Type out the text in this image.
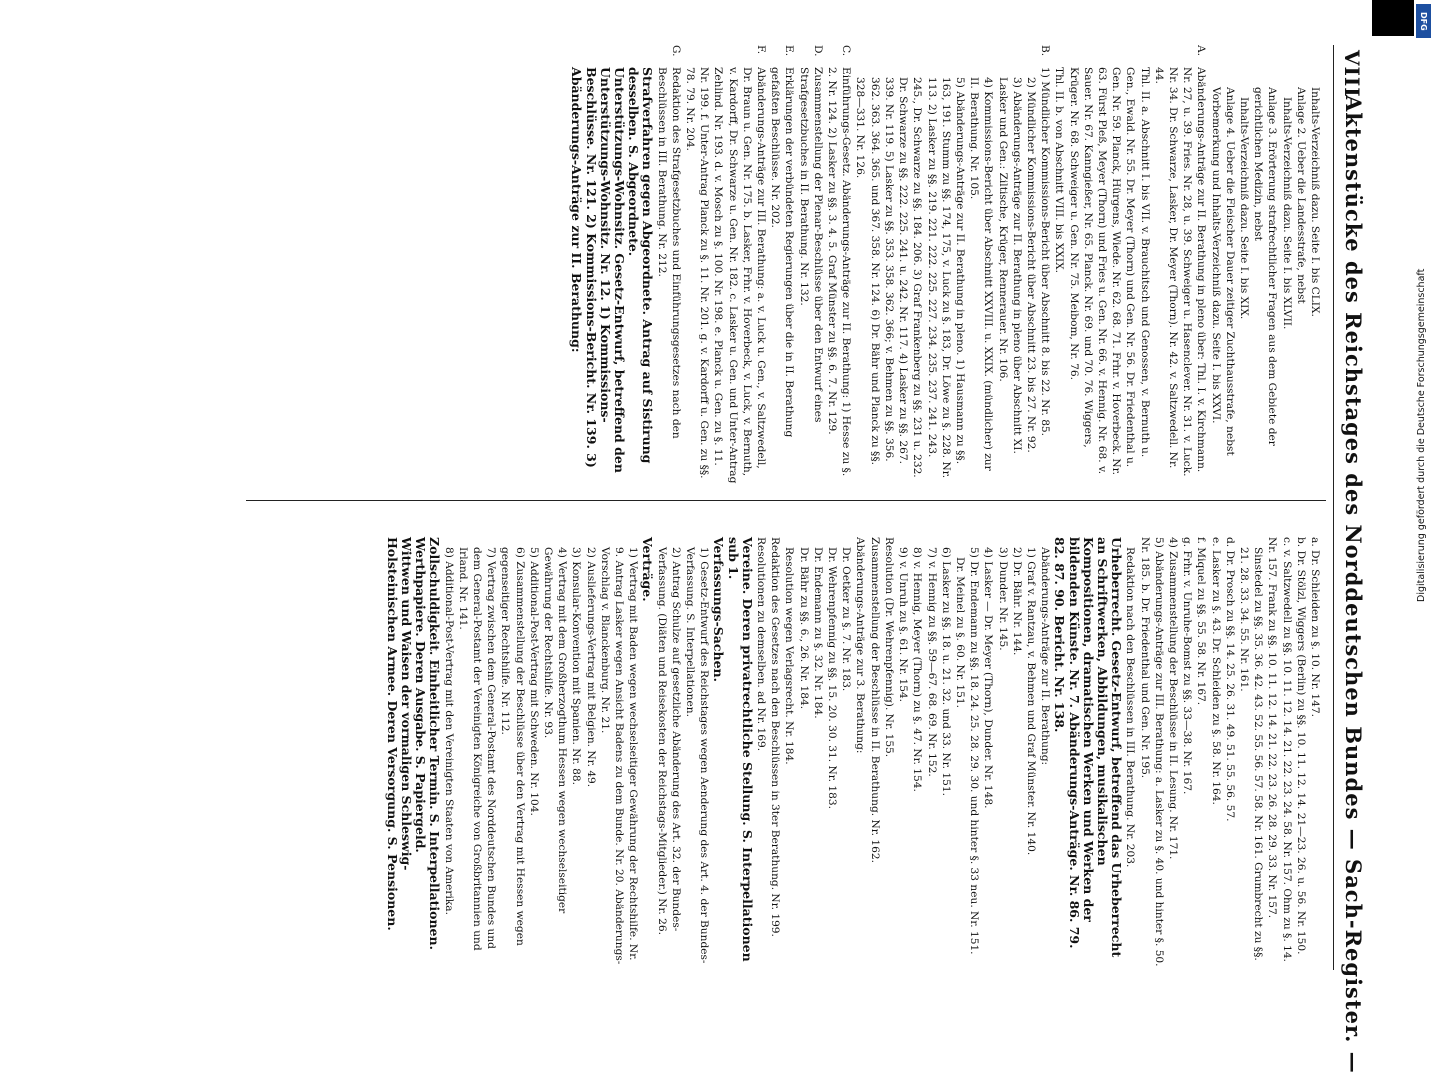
VIII
Aktenstücke des Reichstages des Norddeutschen Bundes — Sach-Register. —
Inhalts-Verzeichniß dazu. Seite I. bis CLIX.
Anlage 2. Ueber die Landesstrafe, nebst
Inhalts-Verzeichniß dazu. Seite I. bis XLVII.
Anlage 3. Erörterung strafrechtlicher Fragen aus dem Gebiete der gerichtlichen Medizin, nebst
Inhalts-Verzeichniß dazu. Seite I. bis XIX.
Anlage 4. Ueber die Fleischer Dauer zeitiger Zuchthausstrafe, nebst Vorbemerkung und Inhalts-Verzeichniß dazu. Seite I. bis XXVI.
A.
Abänderungs-Anträge zur II. Berathung in pleno über: Thl. I. v. Kirchmann. Nr. 27, u. 39. Fries. Nr. 28, u. 39. Schweiger u. Hasenclever. Nr. 31. v. Luck. Nr. 34. Dr. Schwarze, Lasker, Dr. Meyer (Thorn). Nr. 42. v. Saltzwedell. Nr. 44.
Thl. II. a. Abschnitt I. bis VII. v. Brauchitsch und Genossen, v. Bernuth u. Gen., Ewald. Nr. 55. Dr. Meyer (Thorn) und Gen. Nr. 56. Dr. Friedenthal u. Gen. Nr. 59. Planck, Hürgens, Wiede. Nr. 62. 68. 71. Frhr. v. Hoverbeck. Nr. 63. Fürst Pleß, Meyer (Thorn) und Fries u. Gen. Nr. 66. v. Hennig. Nr. 68. v. Sauer. Nr. 67. Kanngießer, Nr. 65. Planck. Nr. 69. und 70. 76. Wiggers, Krüger. Nr. 68. Schweiger u. Gen. Nr. 75. Meibom, Nr. 76.
Thl. II. b. von Abschnitt VIII. bis XXIX.
B.
1) Mündlicher Kommissions-Bericht über Abschnitt 8. bis 22. Nr. 85.
2) Mündlicher Kommissions-Bericht über Abschnitt 23. bis 27. Nr. 92.
3) Abänderungs-Anträge zur II. Berathung in pleno über Abschnitt XI. Lasker und Gen.: Ziltische, Krüger, Rennerauer. Nr. 106.
4) Kommissions-Bericht über Abschnitt XXVIII. u. XXIX. (mündlicher) zur II. Berathung. Nr. 105.
5) Abänderungs-Anträge zur II. Berathung in pleno. 1) Hausmann zu §§. 163, 191. Stumm zu §§. 174, 175, v. Luck zu §. 183, Dr. Löwe zu §. 228. Nr. 113. 2) Lasker zu §§. 219. 221. 222. 225. 227. 234. 235. 237. 241. 243. 245., Dr. Schwarze zu §§. 184. 206. 3) Graf Frankenberg zu §§. 231 u. 232. Dr. Schwarze zu §§. 222. 225. 241. u. 242. Nr. 117. 4) Lasker zu §§. 267. 339. Nr. 119. 5) Lasker zu §§. 353. 358. 362. 366; v. Behmen zu §§. 356. 362. 363. 364. 365. und 367. 358. Nr. 124. 6) Dr. Bähr und Planck zu §§. 328—331. Nr. 126.
C.
Einführungs-Gesetz. Abänderungs-Anträge zur II. Berathung: 1) Hesse zu §. 2. Nr. 124. 2) Lasker zu §§. 3. 4. 5. Graf Münster zu §§. 6. 7. Nr. 129.
D.
Zusammenstellung der Plenar-Beschlüsse über den Entwurf eines Strafgesetzbuches in II. Berathung. Nr. 132.
E.
Erklärungen der verbündeten Regierungen über die in II. Berathung gefaßten Beschlüsse. Nr. 202.
F.
Abänderungs-Anträge zur III. Berathung: a. v. Luck u. Gen., v. Saltzwedell, Dr. Braun u. Gen. Nr. 175. b. Lasker, Frhr. v. Hoverbeck, v. Luck, v. Bernuth, v. Kardorff, Dr. Schwarze u. Gen. Nr. 182. c. Lasker u. Gen. und Unter-Antrag Zehlind. Nr. 193. d. v. Mosch zu §. 100. Nr. 198. e. Planck u. Gen. zu §. 11. Nr. 199. f. Unter-Antrag Planck zu §. 11. Nr. 201. g. v. Kardorff u. Gen. zu §§. 78. 79. Nr. 204.
G.
Redaktion des Strafgesetzbuches und Einführungsgesetzes nach den Beschlüssen in III. Berathung. Nr. 212.
Strafverfahren gegen Abgeordnete. Antrag auf Sistirung desselben. S. Abgeordnete.
Unterstützungs-Wohnsitz. Gesetz-Entwurf, betreffend den Unterstützungs-Wohnsitz. Nr. 12. 1) Kommissions-Beschlüsse. Nr. 121. 2) Kommissions-Bericht. Nr. 139. 3) Abänderungs-Anträge zur II. Berathung:
a. Dr. Schleiden zu §. 10. Nr. 147.
b. Dr. Stölzl, Wiggers (Berlin) zu §§. 10. 11. 12. 14. 21—23. 26. u. 56. Nr. 150.
c. v. Saltzwedell zu §§. 10. 11. 12. 14. 21. 22. 23. 24. 58. Nr. 157. Ohm zu §. 14. Nr. 157. Frank zu §§. 10. 11. 12. 14. 21. 22. 23. 26. 28. 29. 33. Nr. 157.
Sinstedel zu §§. 35. 36. 42. 43. 52. 55. 56. 57. 58. Nr. 161. Grumbrecht zu §§. 21. 28. 33. 34. 55. Nr. 161.
d. Dr. Prosch zu §§. 14. 25. 26. 31. 49. 51. 55. 56. 57.
e. Lasker zu §. 43. Dr. Schleiden zu §. 58. Nr. 164.
f. Miquel zu §§. 55. 58. Nr. 167.
g. Frhr. v. Unruhe-Bomst zu §§. 33—38. Nr. 167.
4) Zusammenstellung der Beschlüsse in II. Lesung. Nr. 171.
5) Abänderungs-Anträge zur III. Berathung: a. Lasker zu §. 40. und hinter §. 50. Nr. 185. b. Dr. Friedenthal und Gen. Nr. 195.
Redaktion nach den Beschlüssen in III. Berathung. Nr. 203.
Urheberrecht. Gesetz-Entwurf, betreffend das Urheberrecht an Schriftwerken, Abbildungen, musikalischen Kompositionen, dramatischen Werken und Werken der bildenden Künste. Nr. 7. Abänderungs-Anträge. Nr. 86. 79. 82. 87. 90. Bericht. Nr. 138.
Abänderungs-Anträge zur II. Berathung:
1) Graf v. Rantzau, v. Behmen und Graf Münster. Nr. 140.
2) Dr. Bähr. Nr. 144.
3) Dunder. Nr. 145.
4) Lasker — Dr. Meyer (Thorn), Dunder. Nr. 148.
5) Dr. Endemann zu §§. 18. 24. 25. 28. 29. 30. und hinter §. 33 neu. Nr. 151.
Dr. Meinel zu §. 60. Nr. 151.
6) Lasker zu §§. 18. u. 21. 32. und 33. Nr. 151.
7) v. Hennig zu §§. 59—67. 68. 69. Nr. 152.
8) v. Hennig, Meyer (Thorn) zu §. 47. Nr. 154.
9) v. Unruh zu §. 61. Nr. 154.
Resolution (Dr. Wehrenpfennig). Nr. 155.
Zusammenstellung der Beschlüsse in II. Berathung. Nr. 162.
Abänderungs-Anträge zur 3. Berathung:
Dr. Oetker zu §. 7. Nr. 183.
Dr. Wehrenpfennig zu §§. 15. 20. 30. 31. Nr. 183.
Dr. Endemann zu §. 32. Nr. 184.
Dr. Bähr zu §§. 6., 26. Nr. 184.
Resolution wegen Verlagsrecht. Nr. 184.
Redaktion des Gesetzes nach den Beschlüssen in 3ter Berathung. Nr. 199.
Resolutionen zu demselben. ad Nr. 169.
Vereine. Deren privatrechtliche Stellung. S. Interpellationen sub 1.
Verfassungs-Sachen.
1) Gesetz-Entwurf des Reichstages wegen Aenderung des Art. 4. der Bundes-Verfassung. S. Interpellationen.
2) Antrag Schulze auf gesetzliche Abänderung des Art. 32. der Bundes-Verfassung. (Diäten und Reisekosten der Reichstags-Mitglieder.) Nr. 26.
Verträge.
1) Vertrag mit Baden wegen wechselseitiger Gewährung der Rechtshilfe. Nr. 9. Antrag Lasker wegen Ansicht Badens zu dem Bunde. Nr. 20. Abänderungs-Vorschlag v. Blanckenburg. Nr. 21.
2) Auslieferungs-Vertrag mit Belgien. Nr. 49.
3) Konsular-Konvention mit Spanien. Nr. 88.
4) Vertrag mit dem Großherzogthum Hessen wegen wechselseitiger Gewährung der Rechtshilfe. Nr. 93.
5) Additional-Post-Vertrag mit Schweden. Nr. 104.
6) Zusammenstellung der Beschlüsse über den Vertrag mit Hessen wegen gegenseitiger Rechtshilfe. Nr. 112.
7) Vertrag zwischen dem General-Postamt des Norddeutschen Bundes und dem General-Postamt der Vereinigten Königreiche von Großbritannien und Irland. Nr. 141.
8) Additional-Post-Vertrag mit den Vereinigten Staaten von Amerika.
Zollschuldigkeit. Einheitlicher Termin. S. Interpellationen.
Werthpapiere. Deren Ausgabe. S. Papiergeld.
Wittwen und Waisen der vormaligen Schleswig-Holsteinischen Armee. Deren Versorgung. S. Pensionen.
DFG
Digitalisierung gefördert durch die Deutsche Forschungsgemeinschaft
